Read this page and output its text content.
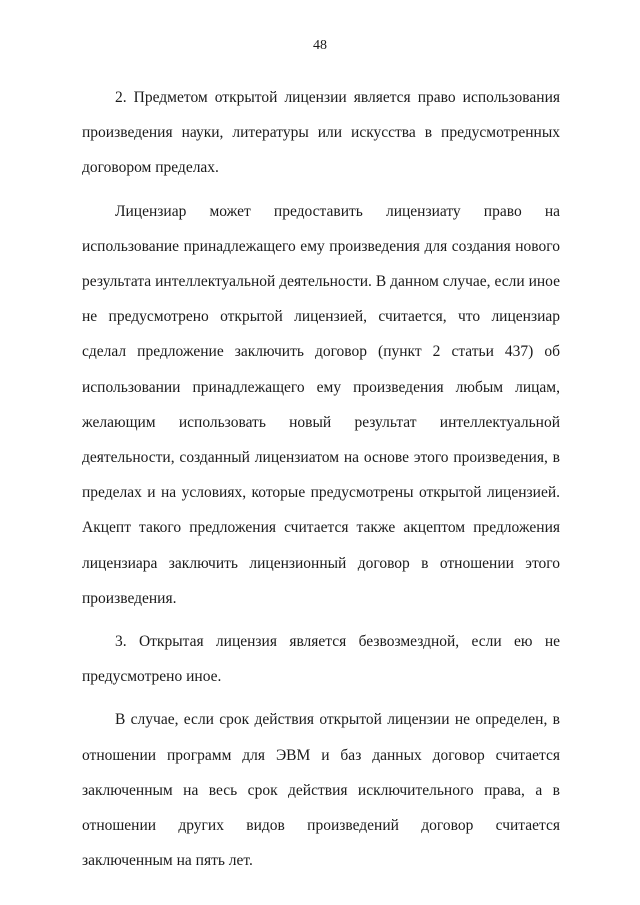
48

2. Предметом открытой лицензии является право использования произведения науки, литературы или искусства в предусмотренных договором пределах.

Лицензиар может предоставить лицензиату право на использование принадлежащего ему произведения для создания нового результата интеллектуальной деятельности. В данном случае, если иное не предусмотрено открытой лицензией, считается, что лицензиар сделал предложение заключить договор (пункт 2 статьи 437) об использовании принадлежащего ему произведения любым лицам, желающим использовать новый результат интеллектуальной деятельности, созданный лицензиатом на основе этого произведения, в пределах и на условиях, которые предусмотрены открытой лицензией. Акцепт такого предложения считается также акцептом предложения лицензиара заключить лицензионный договор в отношении этого произведения.

3. Открытая лицензия является безвозмездной, если ею не предусмотрено иное.

В случае, если срок действия открытой лицензии не определен, в отношении программ для ЭВМ и баз данных договор считается заключенным на весь срок действия исключительного права, а в отношении других видов произведений договор считается заключенным на пять лет.
